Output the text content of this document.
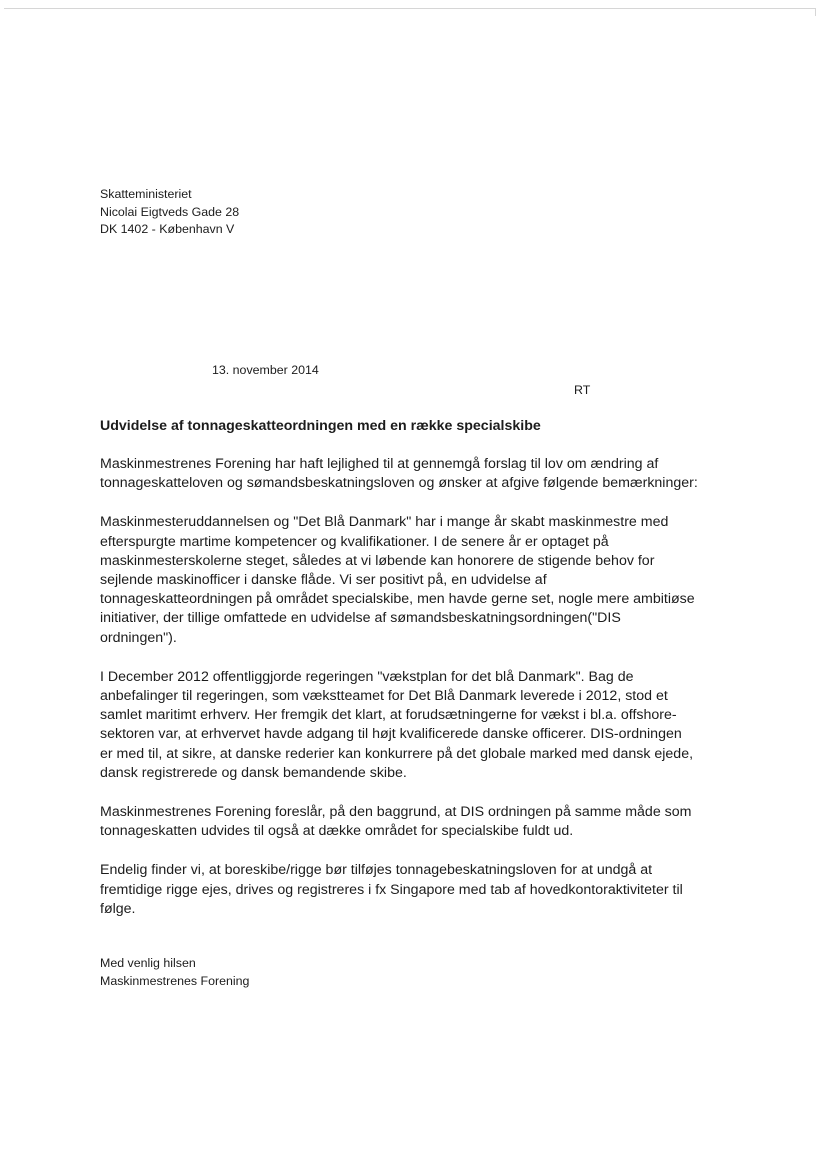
Skatteministeriet
Nicolai Eigtveds Gade 28
DK 1402 - København V
13. november 2014
RT
Udvidelse af tonnageskatteordningen med en række specialskibe

Maskinmestrenes Forening har haft lejlighed til at gennemgå forslag til lov om ændring af
tonnageskatteloven og sømandsbeskatningsloven og ønsker at afgive følgende bemærkninger:

Maskinmesteruddannelsen og "Det Blå Danmark" har i mange år skabt maskinmestre med
efterspurgte martime kompetencer og kvalifikationer. I de senere år er optaget på
maskinmesterskolerne steget, således at vi løbende kan honorere de stigende behov for
sejlende maskinofficer i danske flåde. Vi ser positivt på, en udvidelse af
tonnageskatteordningen på området specialskibe, men havde gerne set, nogle mere ambitiøse
initiativer, der tillige omfattede en udvidelse af sømandsbeskatningsordningen("DIS
ordningen").

I December 2012 offentliggjorde regeringen "vækstplan for det blå Danmark". Bag de
anbefalinger til regeringen, som vækstteamet for Det Blå Danmark leverede i 2012, stod et
samlet maritimt erhverv. Her fremgik det klart, at forudsætningerne for vækst i bl.a. offshore-
sektoren var, at erhvervet havde adgang til højt kvalificerede danske officerer. DIS-ordningen
er med til, at sikre, at danske rederier kan konkurrere på det globale marked med dansk ejede,
dansk registrerede og dansk bemandende skibe.

Maskinmestrenes Forening foreslår, på den baggrund, at DIS ordningen på samme måde som
tonnageskatten udvides til også at dække området for specialskibe fuldt ud.

Endelig finder vi, at boreskibe/rigge bør tilføjes tonnagebeskatningsloven for at undgå at
fremtidige rigge ejes, drives og registreres i fx Singapore med tab af hovedkontoraktiviteter til
følge.

Med venlig hilsen
Maskinmestrenes Forening
